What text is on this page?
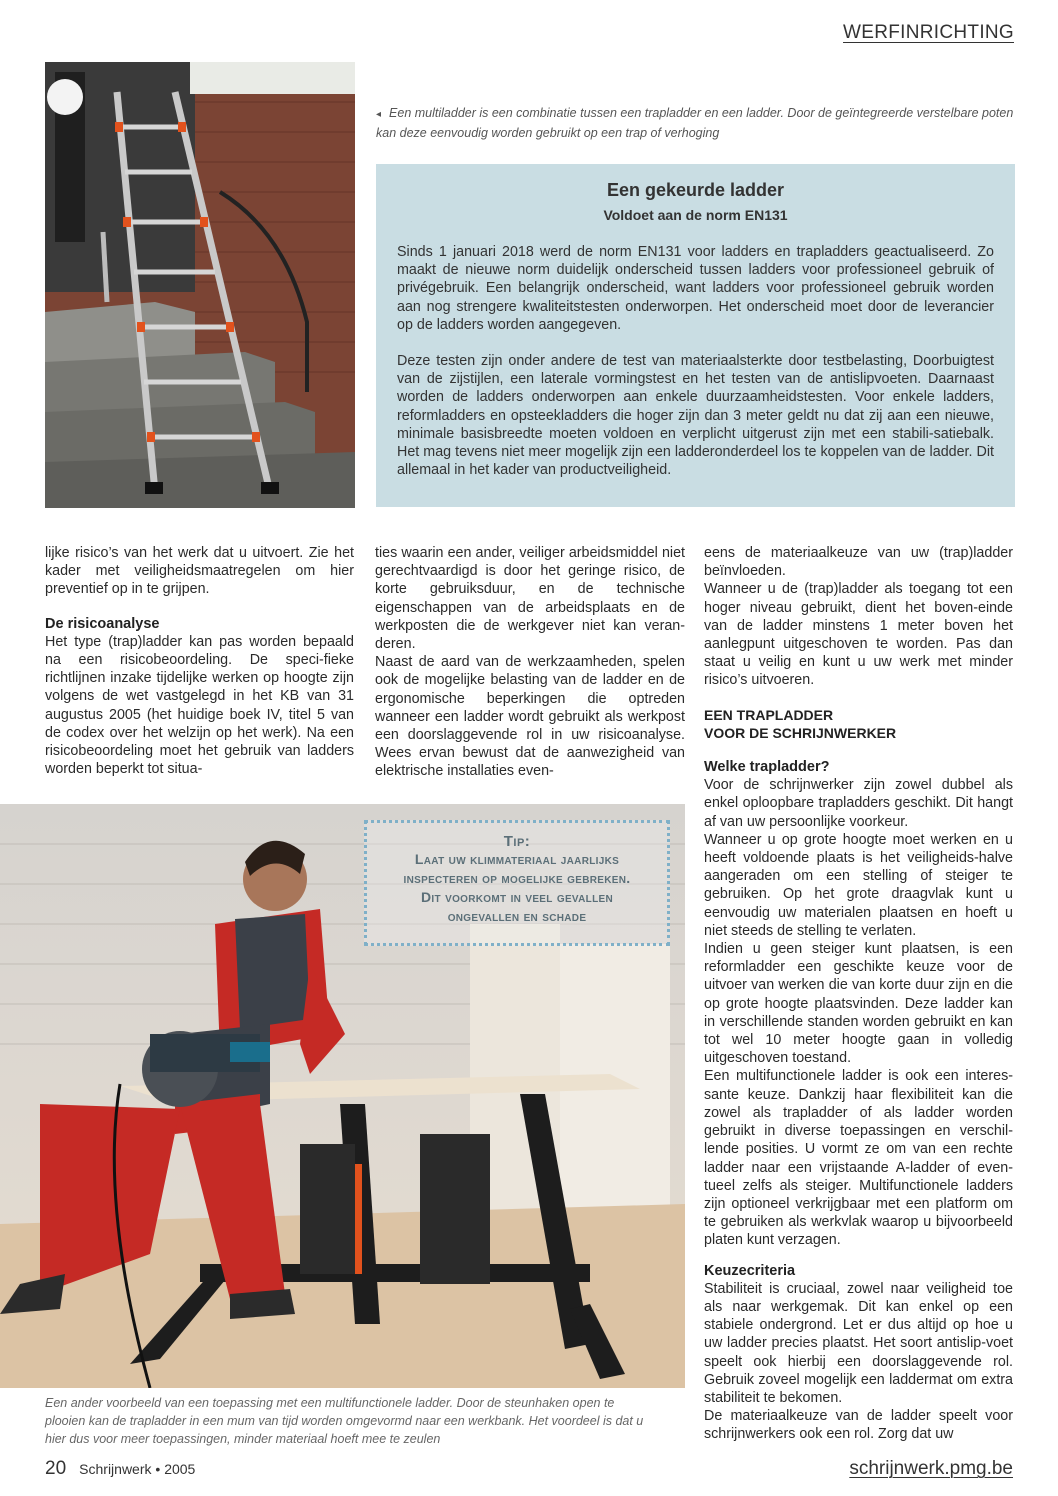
WERFINRICHTING
◂ Een multiladder is een combinatie tussen een trapladder en een ladder. Door de geïntegreerde verstelbare poten kan deze eenvoudig worden gebruikt op een trap of verhoging
Een gekeurde ladder
Voldoet aan de norm EN131

Sinds 1 januari 2018 werd de norm EN131 voor ladders en trapladders geactualiseerd. Zo maakt de nieuwe norm duidelijk onderscheid tussen ladders voor professioneel gebruik of privégebruik. Een belangrijk onderscheid, want ladders voor professioneel gebruik worden aan nog strengere kwaliteitstesten onderworpen. Het onderscheid moet door de leverancier op de ladders worden aangegeven.

Deze testen zijn onder andere de test van materiaalsterkte door testbelasting, Doorbuigtest van de zijstijlen, een laterale vormingstest en het testen van de antislipvoeten. Daarnaast worden de ladders onderworpen aan enkele duurzaamheidstesten. Voor enkele ladders, reformladders en opsteekladders die hoger zijn dan 3 meter geldt nu dat zij aan een nieuwe, minimale basisbreedte moeten voldoen en verplicht uitgerust zijn met een stabili-satiebalk. Het mag tevens niet meer mogelijk zijn een ladderonderdeel los te koppelen van de ladder. Dit allemaal in het kader van productveiligheid.

lijke risico’s van het werk dat u uitvoert. Zie het kader met veiligheidsmaatregelen om hier preventief op in te grijpen.

De risicoanalyse

Het type (trap)ladder kan pas worden bepaald na een risicobeoordeling. De speci-fieke richtlijnen inzake tijdelijke werken op hoogte zijn volgens de wet vastgelegd in het KB van 31 augustus 2005 (het huidige boek IV, titel 5 van de codex over het welzijn op het werk). Na een risicobeoordeling moet het gebruik van ladders worden beperkt tot situa-

ties waarin een ander, veiliger arbeidsmiddel niet gerechtvaardigd is door het geringe risico, de korte gebruiksduur, en de technische eigenschappen van de arbeidsplaats en de werkposten die de werkgever niet kan veran-deren.

Naast de aard van de werkzaamheden, spelen ook de mogelijke belasting van de ladder en de ergonomische beperkingen die optreden wanneer een ladder wordt gebruikt als werkpost een doorslaggevende rol in uw risicoanalyse. Wees ervan bewust dat de aanwezigheid van elektrische installaties even-

eens de materiaalkeuze van uw (trap)ladder beïnvloeden.

Wanneer u de (trap)ladder als toegang tot een hoger niveau gebruikt, dient het boven-einde van de ladder minstens 1 meter boven het aanlegpunt uitgeschoven te worden. Pas dan staat u veilig en kunt u uw werk met minder risico’s uitvoeren.

EEN TRAPLADDER
VOOR DE SCHRIJNWERKER
Welke trapladder?

Voor de schrijnwerker zijn zowel dubbel als enkel oploopbare trapladders geschikt. Dit hangt af van uw persoonlijke voorkeur.

Wanneer u op grote hoogte moet werken en u heeft voldoende plaats is het veiligheids-halve aangeraden om een stelling of steiger te gebruiken. Op het grote draagvlak kunt u eenvoudig uw materialen plaatsen en hoeft u niet steeds de stelling te verlaten.

Indien u geen steiger kunt plaatsen, is een reformladder een geschikte keuze voor de uitvoer van werken die van korte duur zijn en die op grote hoogte plaatsvinden. Deze ladder kan in verschillende standen worden gebruikt en kan tot wel 10 meter hoogte gaan in volledig uitgeschoven toestand.

Een multifunctionele ladder is ook een interes-sante keuze. Dankzij haar flexibiliteit kan die zowel als trapladder of als ladder worden gebruikt in diverse toepassingen en verschil-lende posities. U vormt ze om van een rechte ladder naar een vrijstaande A-ladder of even-tueel zelfs als steiger. Multifunctionele ladders zijn optioneel verkrijgbaar met een platform om te gebruiken als werkvlak waarop u bijvoorbeeld platen kunt verzagen.

Keuzecriteria

Stabiliteit is cruciaal, zowel naar veiligheid toe als naar werkgemak. Dit kan enkel op een stabiele ondergrond. Let er dus altijd op hoe u uw ladder precies plaatst. Het soort antislip-voet speelt ook hierbij een doorslaggevende rol. Gebruik zoveel mogelijk een laddermat om extra stabiliteit te bekomen.

De materiaalkeuze van de ladder speelt voor schrijnwerkers ook een rol. Zorg dat uw

Tip:
Laat uw klimmateriaal jaarlijks
inspecteren op mogelijke gebreken.
Dit voorkomt in veel gevallen
ongevallen en schade
Een ander voorbeeld van een toepassing met een multifunctionele ladder. Door de steunhaken open te plooien kan de trapladder in een mum van tijd worden omgevormd naar een werkbank. Het voordeel is dat u hier dus voor meer toepassingen, minder materiaal hoeft mee te zeulen
20 Schrijnwerk • 2005	schrijnwerk.pmg.be
